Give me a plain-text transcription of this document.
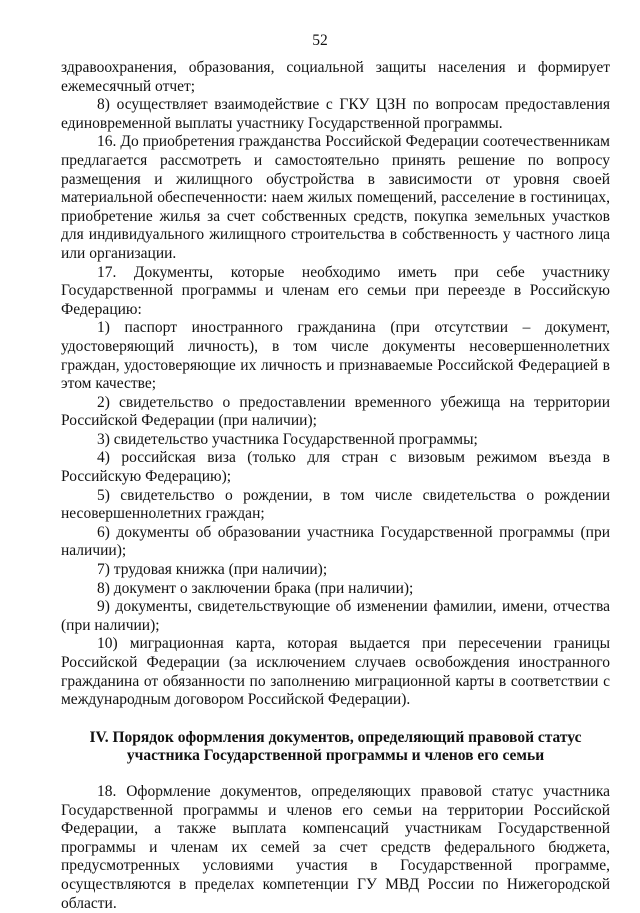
52

здравоохранения, образования, социальной защиты населения и формирует ежемесячный отчет;

8) осуществляет взаимодействие с ГКУ ЦЗН по вопросам предоставления единовременной выплаты участнику Государственной программы.

16. До приобретения гражданства Российской Федерации соотечественникам предлагается рассмотреть и самостоятельно принять решение по вопросу размещения и жилищного обустройства в зависимости от уровня своей материальной обеспеченности: наем жилых помещений, расселение в гостиницах, приобретение жилья за счет собственных средств, покупка земельных участков для индивидуального жилищного строительства в собственность у частного лица или организации.

17. Документы, которые необходимо иметь при себе участнику Государственной программы и членам его семьи при переезде в Российскую Федерацию:

1) паспорт иностранного гражданина (при отсутствии – документ, удостоверяющий личность), в том числе документы несовершеннолетних граждан, удостоверяющие их личность и признаваемые Российской Федерацией в этом качестве;

2) свидетельство о предоставлении временного убежища на территории Российской Федерации (при наличии);

3) свидетельство участника Государственной программы;

4) российская виза (только для стран с визовым режимом въезда в Российскую Федерацию);

5) свидетельство о рождении, в том числе свидетельства о рождении несовершеннолетних граждан;

6) документы об образовании участника Государственной программы (при наличии);

7) трудовая книжка (при наличии);

8) документ о заключении брака (при наличии);

9) документы, свидетельствующие об изменении фамилии, имени, отчества (при наличии);

10) миграционная карта, которая выдается при пересечении границы Российской Федерации (за исключением случаев освобождения иностранного гражданина от обязанности по заполнению миграционной карты в соответствии с международным договором Российской Федерации).

IV. Порядок оформления документов, определяющий правовой статус
участника Государственной программы и членов его семьи

18. Оформление документов, определяющих правовой статус участника Государственной программы и членов его семьи на территории Российской Федерации, а также выплата компенсаций участникам Государственной программы и членам их семей за счет средств федерального бюджета, предусмотренных условиями участия в Государственной программе, осуществляются в пределах компетенции ГУ МВД России по Нижегородской области.
